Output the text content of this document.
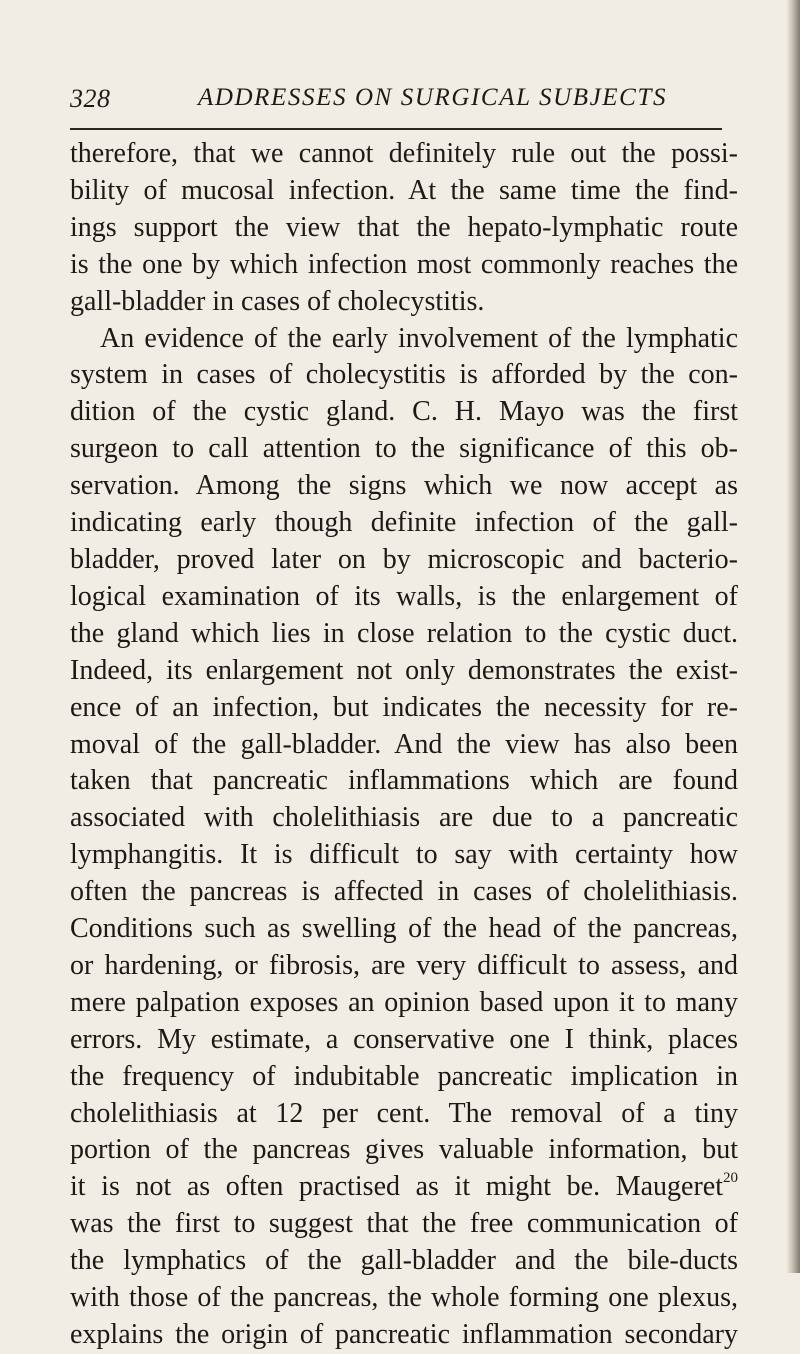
328	ADDRESSES ON SURGICAL SUBJECTS
therefore, that we cannot definitely rule out the possi-
bility of mucosal infection. At the same time the find-
ings support the view that the hepato-lymphatic route
is the one by which infection most commonly reaches the
gall-bladder in cases of cholecystitis.
An evidence of the early involvement of the lymphatic
system in cases of cholecystitis is afforded by the con-
dition of the cystic gland. C. H. Mayo was the first
surgeon to call attention to the significance of this ob-
servation. Among the signs which we now accept as
indicating early though definite infection of the gall-
bladder, proved later on by microscopic and bacterio-
logical examination of its walls, is the enlargement of
the gland which lies in close relation to the cystic duct.
Indeed, its enlargement not only demonstrates the exist-
ence of an infection, but indicates the necessity for re-
moval of the gall-bladder. And the view has also been
taken that pancreatic inflammations which are found
associated with cholelithiasis are due to a pancreatic
lymphangitis. It is difficult to say with certainty how
often the pancreas is affected in cases of cholelithiasis.
Conditions such as swelling of the head of the pancreas,
or hardening, or fibrosis, are very difficult to assess, and
mere palpation exposes an opinion based upon it to many
errors. My estimate, a conservative one I think, places
the frequency of indubitable pancreatic implication in
cholelithiasis at 12 per cent. The removal of a tiny
portion of the pancreas gives valuable information, but
it is not as often practised as it might be. Maugeret$^{20}$
was the first to suggest that the free communication of
the lymphatics of the gall-bladder and the bile-ducts
with those of the pancreas, the whole forming one plexus,
explains the origin of pancreatic inflammation secondary
